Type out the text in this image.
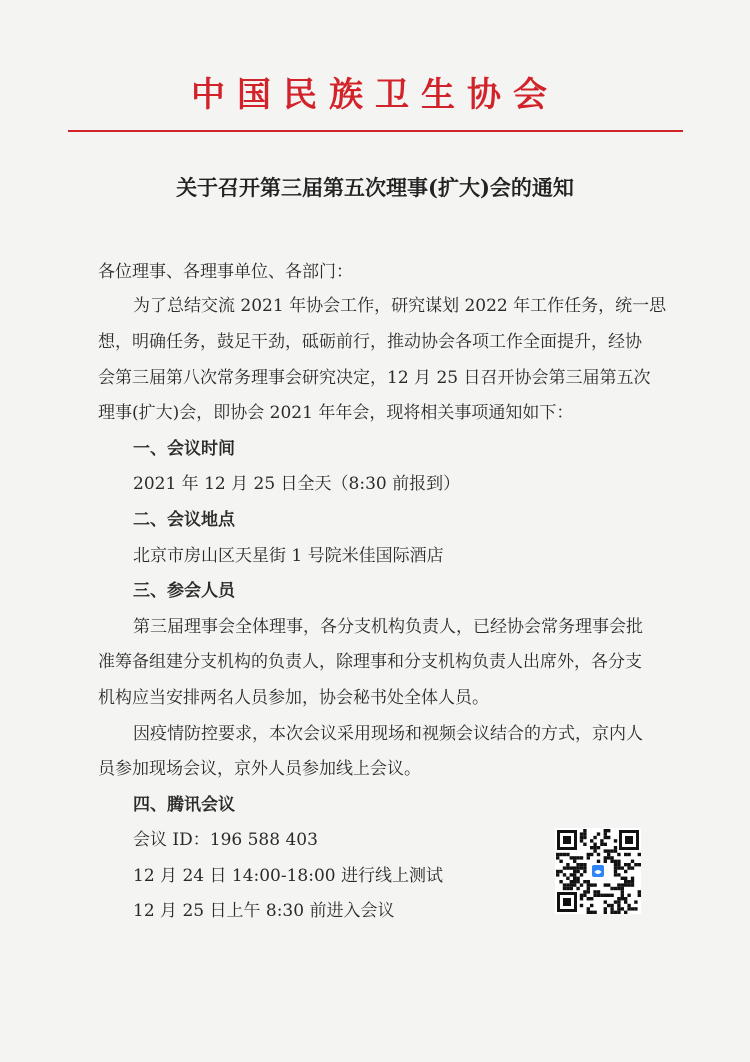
中国民族卫生协会
关于召开第三届第五次理事(扩大)会的通知
各位理事、各理事单位、各部门：
为了总结交流 2021 年协会工作，研究谋划 2022 年工作任务，统一思
想，明确任务，鼓足干劲，砥砺前行，推动协会各项工作全面提升，经协
会第三届第八次常务理事会研究决定，12 月 25 日召开协会第三届第五次
理事(扩大)会，即协会 2021 年年会，现将相关事项通知如下：
一、会议时间
2021 年 12 月 25 日全天（8:30 前报到）
二、会议地点
北京市房山区天星街 1 号院米佳国际酒店
三、参会人员
第三届理事会全体理事，各分支机构负责人，已经协会常务理事会批
准筹备组建分支机构的负责人，除理事和分支机构负责人出席外，各分支
机构应当安排两名人员参加，协会秘书处全体人员。
因疫情防控要求，本次会议采用现场和视频会议结合的方式，京内人
员参加现场会议，京外人员参加线上会议。
四、腾讯会议
会议 ID：196 588 403
12 月 24 日 14:00-18:00 进行线上测试
12 月 25 日上午 8:30 前进入会议
